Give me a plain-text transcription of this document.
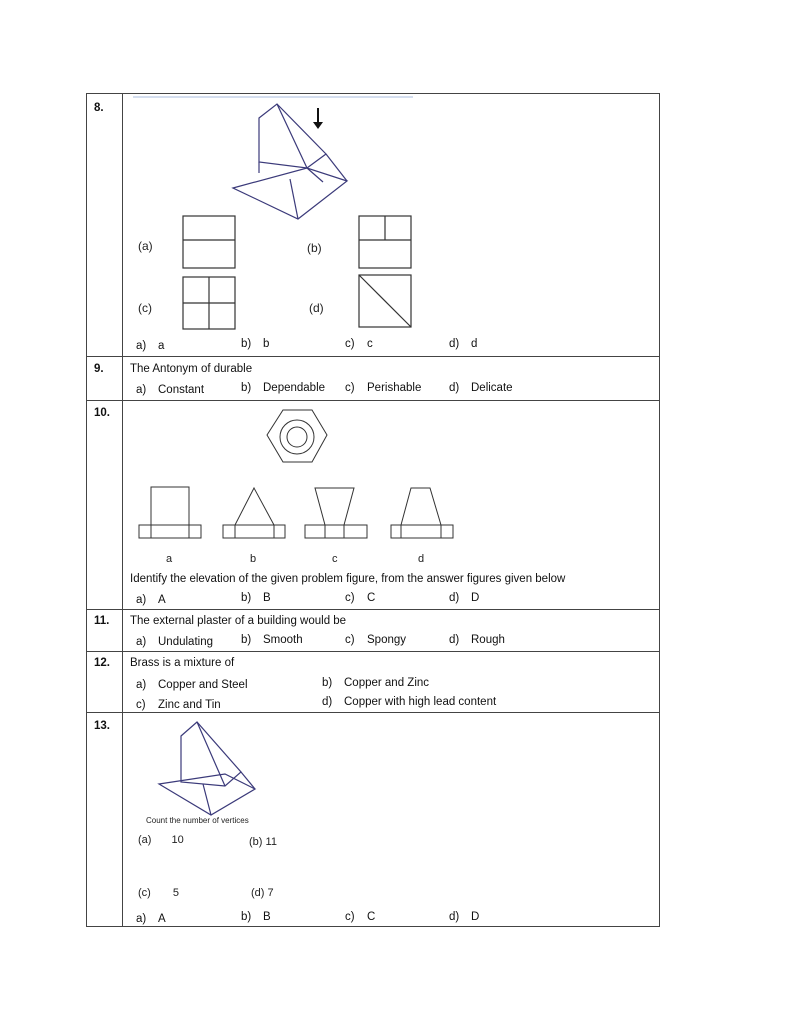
8.
(a)	(b)
(c)	(d)
a) a	b) b	c) c	d) d
9. The Antonym of durable
a) Constant	b) Dependable c) Perishable d) Delicate
10.
a	b	c	d
Identify the elevation of the given problem figure, from the answer figures given below
a) A	b) B	c) C	d) D
11. The external plaster of a building would be
a) Undulating b) Smooth	c) Spongy	d) Rough
12. Brass is a mixture of
a) Copper and Steel	b) Copper and Zinc
c) Zinc and Tin	d) Copper with high lead content
13.
Count the number of vertices
(a) 10	(b) 11
(c) 5	(d) 7
a) A	b) B	c) C	d) D
